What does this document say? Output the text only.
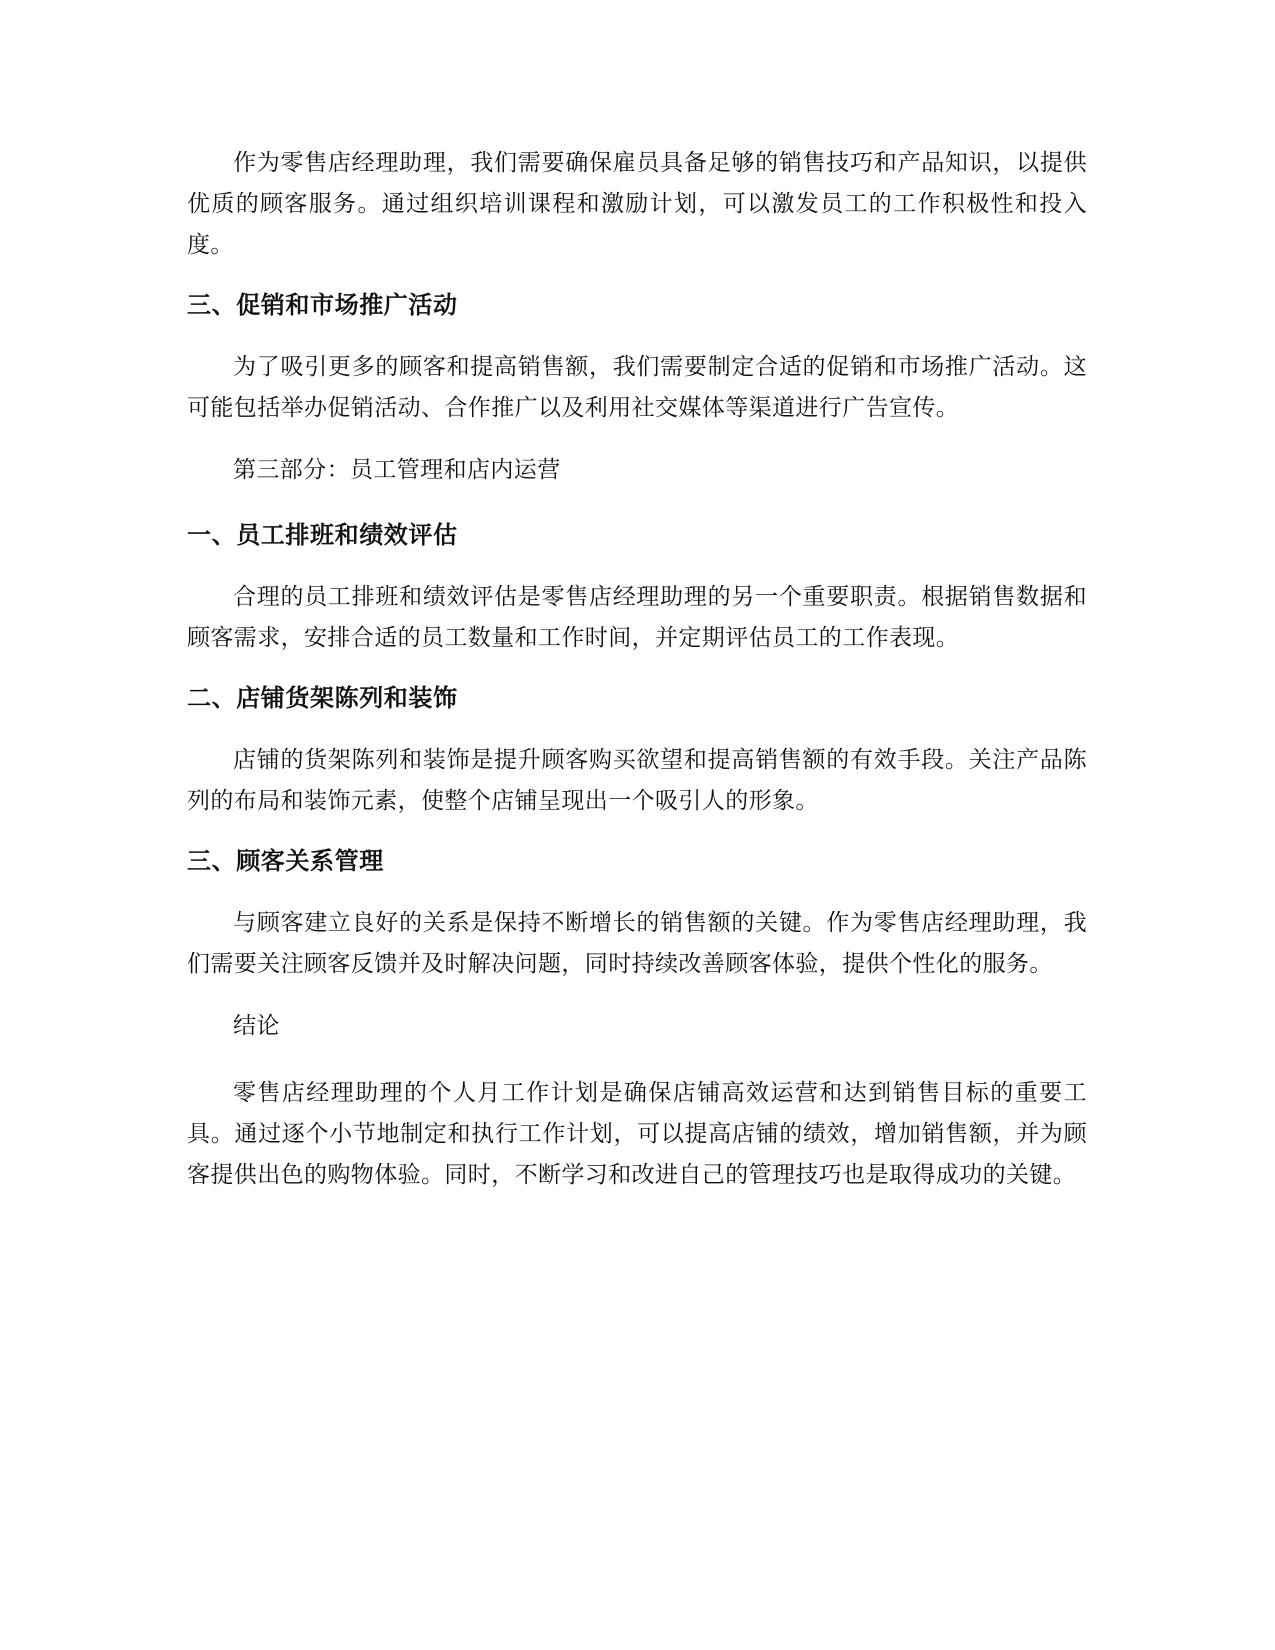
作为零售店经理助理，我们需要确保雇员具备足够的销售技巧和产品知识，以提供优质的顾客服务。通过组织培训课程和激励计划，可以激发员工的工作积极性和投入度。

三、促销和市场推广活动

为了吸引更多的顾客和提高销售额，我们需要制定合适的促销和市场推广活动。这可能包括举办促销活动、合作推广以及利用社交媒体等渠道进行广告宣传。

第三部分：员工管理和店内运营

一、员工排班和绩效评估

合理的员工排班和绩效评估是零售店经理助理的另一个重要职责。根据销售数据和顾客需求，安排合适的员工数量和工作时间，并定期评估员工的工作表现。

二、店铺货架陈列和装饰

店铺的货架陈列和装饰是提升顾客购买欲望和提高销售额的有效手段。关注产品陈列的布局和装饰元素，使整个店铺呈现出一个吸引人的形象。

三、顾客关系管理

与顾客建立良好的关系是保持不断增长的销售额的关键。作为零售店经理助理，我们需要关注顾客反馈并及时解决问题，同时持续改善顾客体验，提供个性化的服务。

结论

零售店经理助理的个人月工作计划是确保店铺高效运营和达到销售目标的重要工具。通过逐个小节地制定和执行工作计划，可以提高店铺的绩效，增加销售额，并为顾客提供出色的购物体验。同时，不断学习和改进自己的管理技巧也是取得成功的关键。
